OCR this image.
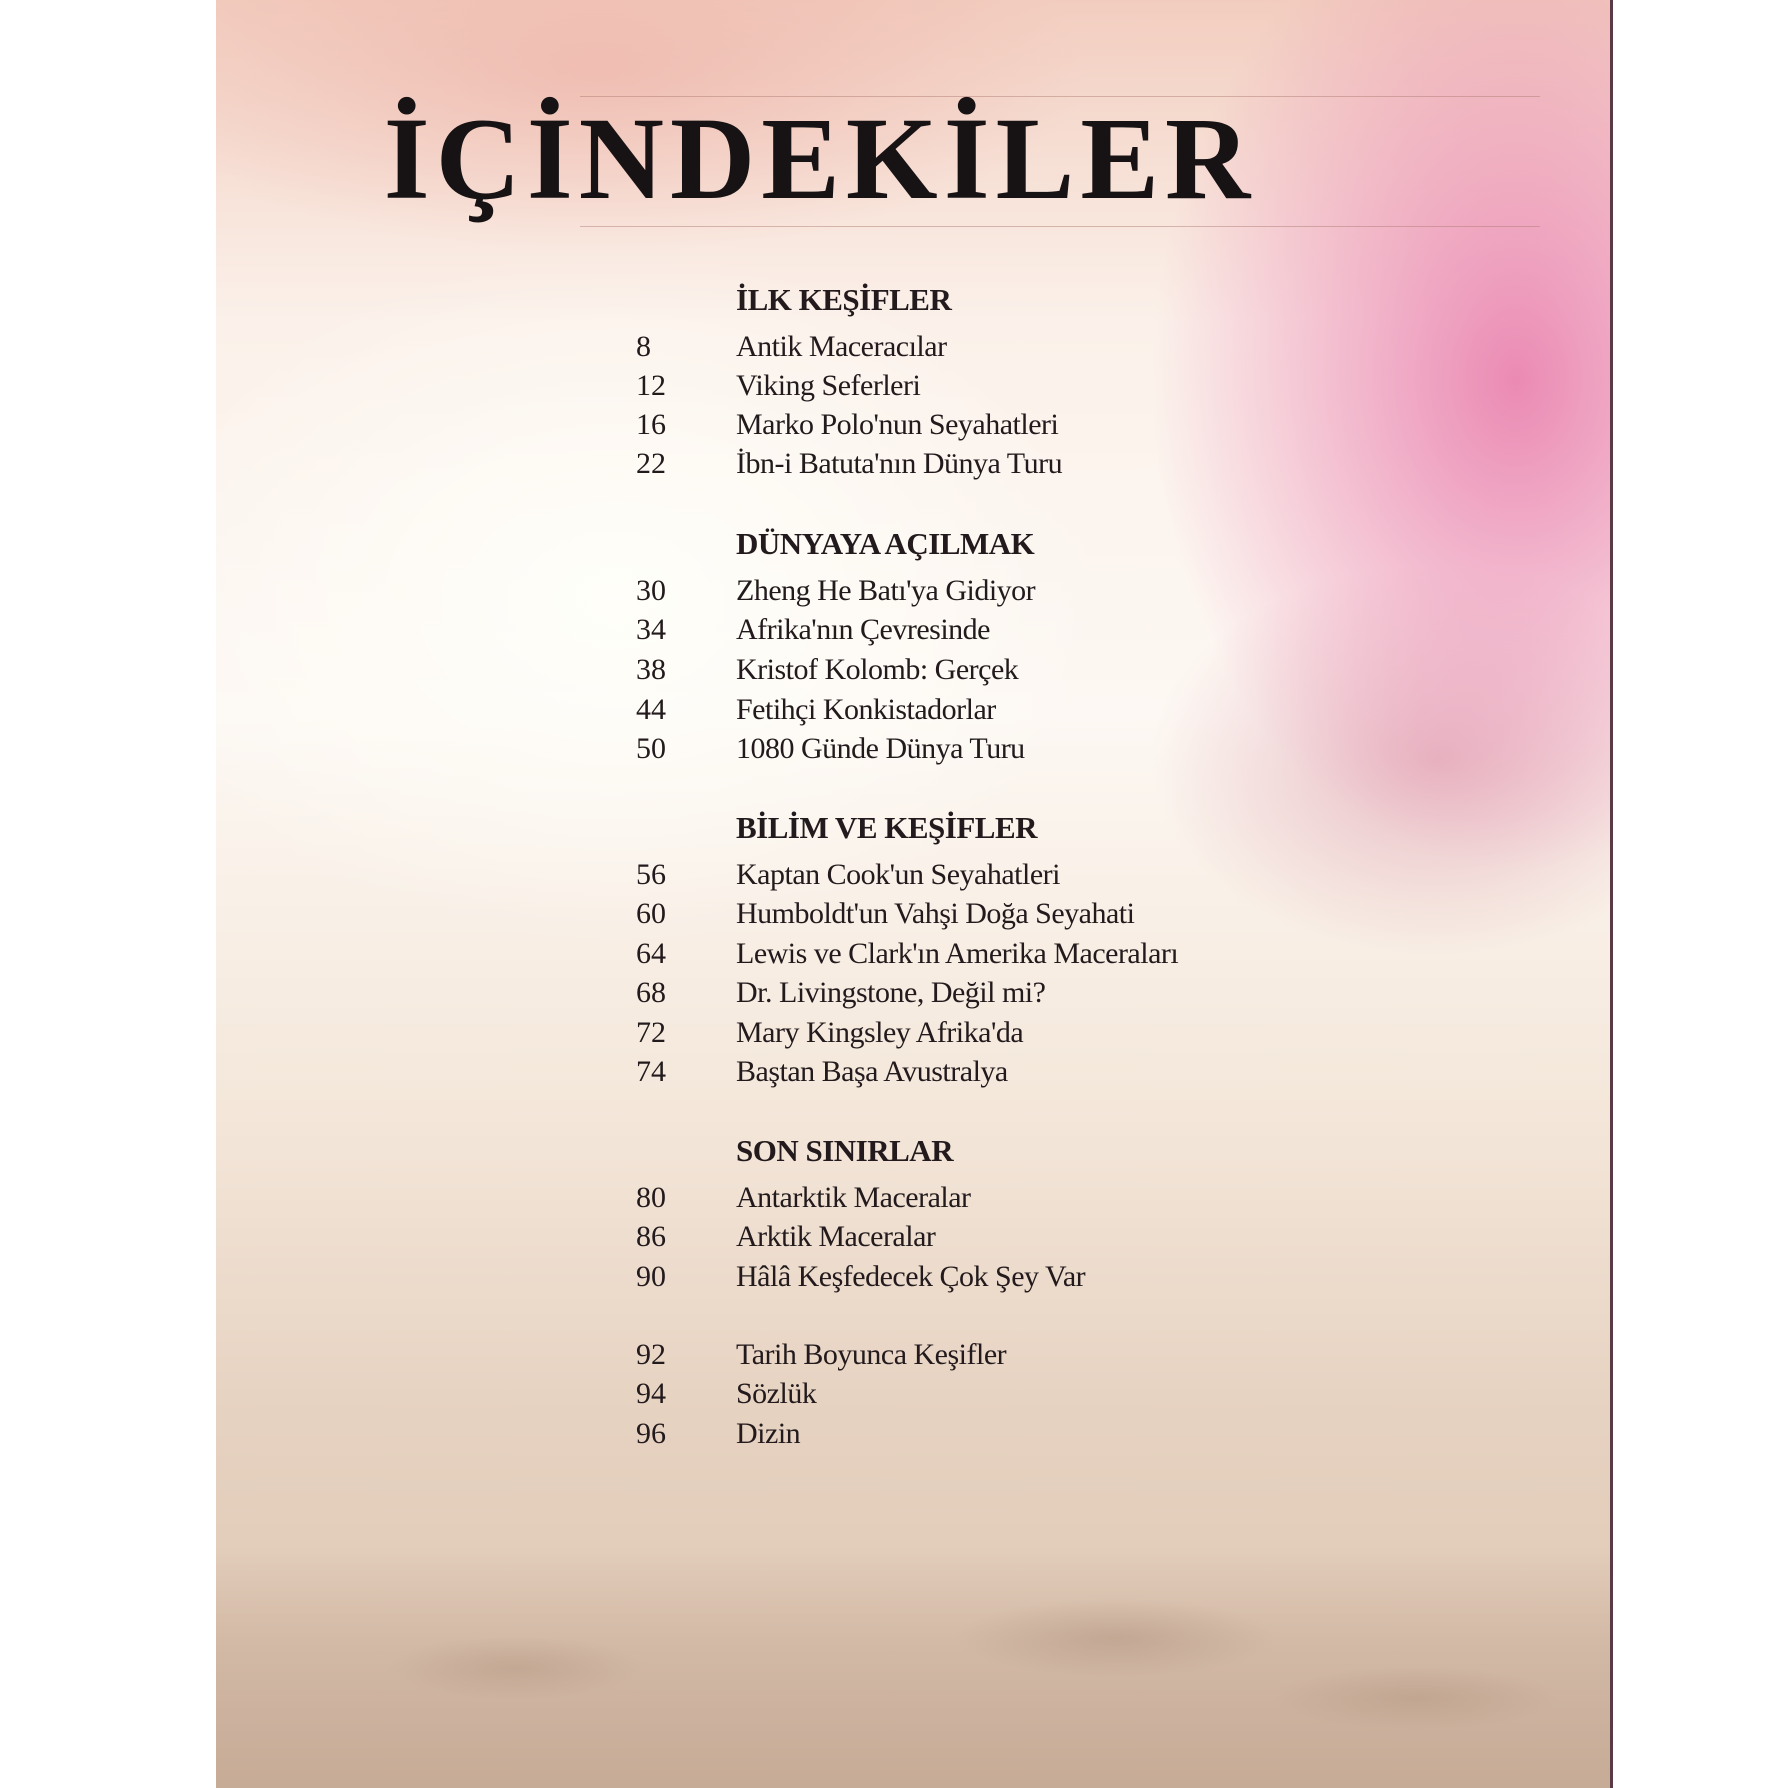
İÇİNDEKİLER
İLK KEŞİFLER
8	Antik Maceracılar
12 Viking Seferleri
16 Marko Polo'nun Seyahatleri
22 İbn-i Batuta'nın Dünya Turu
DÜNYAYA AÇILMAK
30 Zheng He Batı'ya Gidiyor
34 Afrika'nın Çevresinde
38 Kristof Kolomb: Gerçek
44 Fetihçi Konkistadorlar
50 1080 Günde Dünya Turu
BİLİM VE KEŞİFLER
56 Kaptan Cook'un Seyahatleri
60 Humboldt'un Vahşi Doğa Seyahati
64 Lewis ve Clark'ın Amerika Maceraları
68 Dr. Livingstone, Değil mi?
72 Mary Kingsley Afrika'da
74 Baştan Başa Avustralya
SON SINIRLAR
80 Antarktik Maceralar
86 Arktik Maceralar
90 Hâlâ Keşfedecek Çok Şey Var
92 Tarih Boyunca Keşifler
94 Sözlük
96 Dizin
